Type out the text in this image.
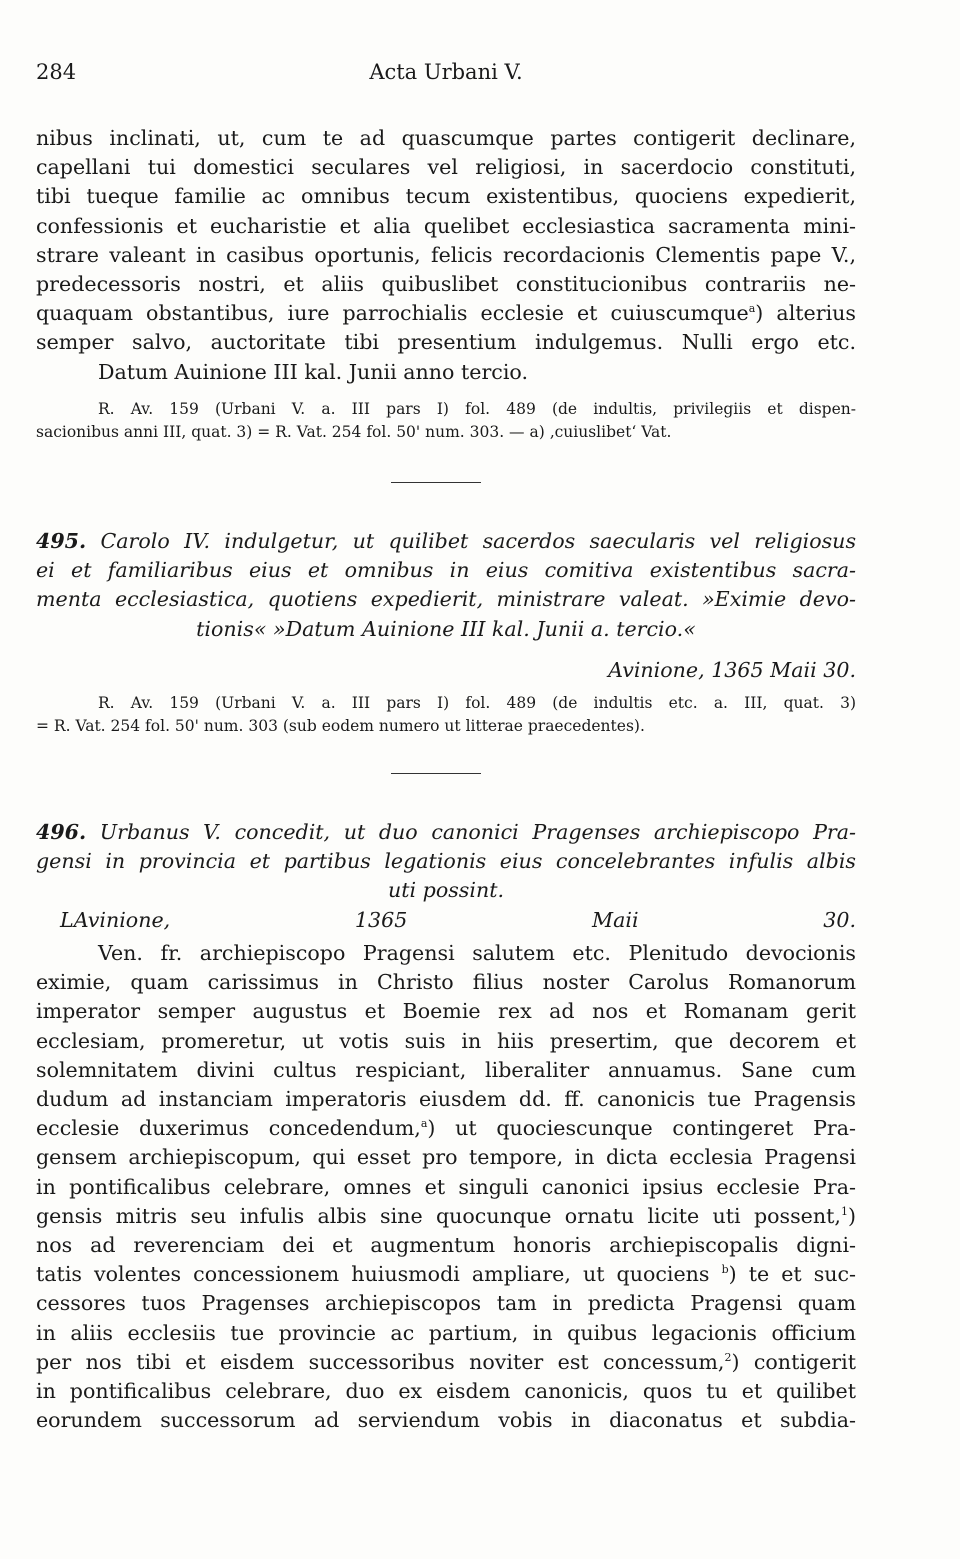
284	Acta Urbani V.
nibus inclinati, ut, cum te ad quascumque partes contigerit declinare,
capellani tui domestici seculares vel religiosi, in sacerdocio constituti,
tibi tueque familie ac omnibus tecum existentibus, quociens expedierit,
confessionis et eucharistie et alia quelibet ecclesiastica sacramenta mini-
strare valeant in casibus oportunis, felicis recordacionis Clementis pape V.,
predecessoris nostri, et aliis quibuslibet constitucionibus contrariis ne-
quaquam obstantibus, iure parrochialis ecclesie et cuiuscumque$^a$) alterius
semper salvo, auctoritate tibi presentium indulgemus. Nulli ergo etc.
Datum Auinione III kal. Junii anno tercio.
R. Av. 159 (Urbani V. a. III pars I) fol. 489 (de indultis, privilegiis et dispen-
sacionibus anni III, quat. 3) = R. Vat. 254 fol. 50' num. 303. — a) ‚cuiuslibet‘ Vat.
495. Carolo IV. indulgetur, ut quilibet sacerdos saecularis vel religiosus
ei et familiaribus eius et omnibus in eius comitiva existentibus sacra-
menta ecclesiastica, quotiens expedierit, ministrare valeat. »Eximie devo-
tionis« »Datum Auinione III kal. Junii a. tercio.«
Avinione, 1365 Maii 30.
R. Av. 159 (Urbani V. a. III pars I) fol. 489 (de indultis etc. a. III, quat. 3)
= R. Vat. 254 fol. 50' num. 303 (sub eodem numero ut litterae praecedentes).
496. Urbanus V. concedit, ut duo canonici Pragenses archiepiscopo Pra-
gensi in provincia et partibus legationis eius concelebrantes infulis albis
uti possint.
LAvinione, 1365 Maii 30.
Ven. fr. archiepiscopo Pragensi salutem etc. Plenitudo devocionis
eximie, quam carissimus in Christo filius noster Carolus Romanorum
imperator semper augustus et Boemie rex ad nos et Romanam gerit
ecclesiam, promeretur, ut votis suis in hiis presertim, que decorem et
solemnitatem divini cultus respiciant, liberaliter annuamus. Sane cum
dudum ad instanciam imperatoris eiusdem dd. ff. canonicis tue Pragensis
ecclesie duxerimus concedendum,$^a$) ut quociescunque contingeret Pra-
gensem archiepiscopum, qui esset pro tempore, in dicta ecclesia Pragensi
in pontificalibus celebrare, omnes et singuli canonici ipsius ecclesie Pra-
gensis mitris seu infulis albis sine quocunque ornatu licite uti possent,$^1$)
nos ad reverenciam dei et augmentum honoris archiepiscopalis digni-
tatis volentes concessionem huiusmodi ampliare, ut quociens $^b$) te et suc-
cessores tuos Pragenses archiepiscopos tam in predicta Pragensi quam
in aliis ecclesiis tue provincie ac partium, in quibus legacionis officium
per nos tibi et eisdem successoribus noviter est concessum,$^2$) contigerit
in pontificalibus celebrare, duo ex eisdem canonicis, quos tu et quilibet
eorundem successorum ad serviendum vobis in diaconatus et subdia-
